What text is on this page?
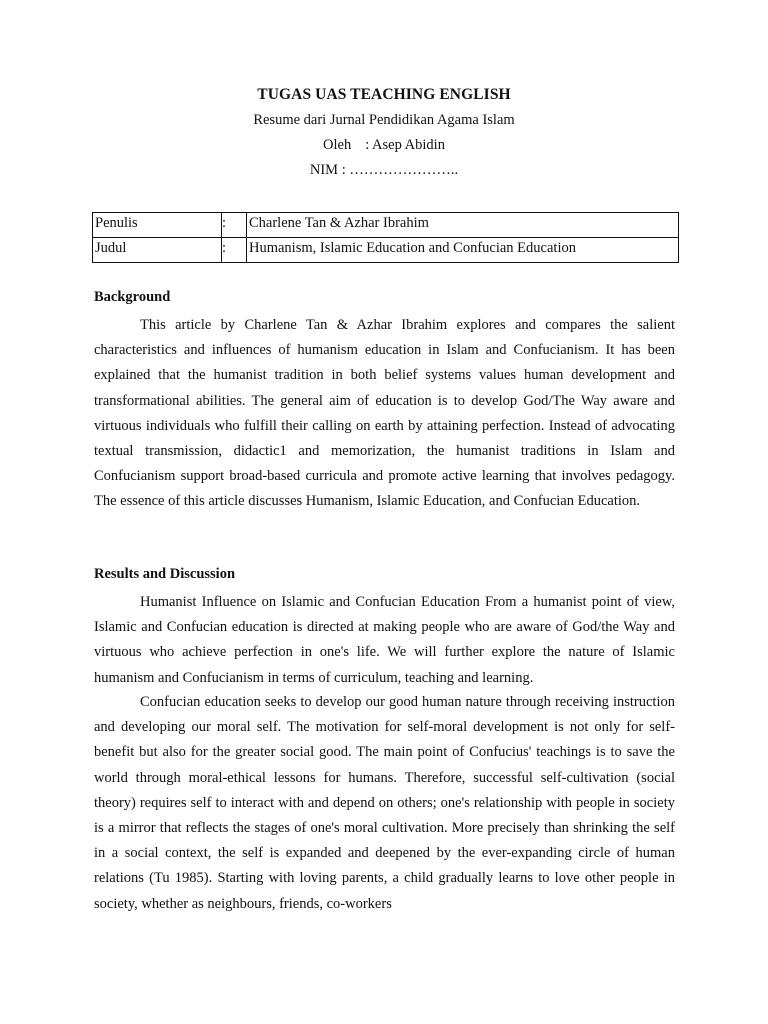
TUGAS UAS TEACHING ENGLISH
Resume dari Jurnal Pendidikan Agama Islam
Oleh : Asep Abidin
NIM : …………………..
Penulis	:	Charlene Tan & Azhar Ibrahim
Judul	:	Humanism, Islamic Education and Confucian Education
Background

This article by Charlene Tan & Azhar Ibrahim explores and compares the salient characteristics and influences of humanism education in Islam and Confucianism. It has been explained that the humanist tradition in both belief systems values human development and transformational abilities. The general aim of education is to develop God/The Way aware and virtuous individuals who fulfill their calling on earth by attaining perfection. Instead of advocating textual transmission, didactic1 and memorization, the humanist traditions in Islam and Confucianism support broad-based curricula and promote active learning that involves pedagogy. The essence of this article discusses Humanism, Islamic Education, and Confucian Education.

Results and Discussion

Humanist Influence on Islamic and Confucian Education From a humanist point of view, Islamic and Confucian education is directed at making people who are aware of God/the Way and virtuous who achieve perfection in one's life. We will further explore the nature of Islamic humanism and Confucianism in terms of curriculum, teaching and learning.

Confucian education seeks to develop our good human nature through receiving instruction and developing our moral self. The motivation for self-moral development is not only for self-benefit but also for the greater social good. The main point of Confucius' teachings is to save the world through moral-ethical lessons for humans. Therefore, successful self-cultivation (social theory) requires self to interact with and depend on others; one's relationship with people in society is a mirror that reflects the stages of one's moral cultivation. More precisely than shrinking the self in a social context, the self is expanded and deepened by the ever-expanding circle of human relations (Tu 1985). Starting with loving parents, a child gradually learns to love other people in society, whether as neighbours, friends, co-workers
